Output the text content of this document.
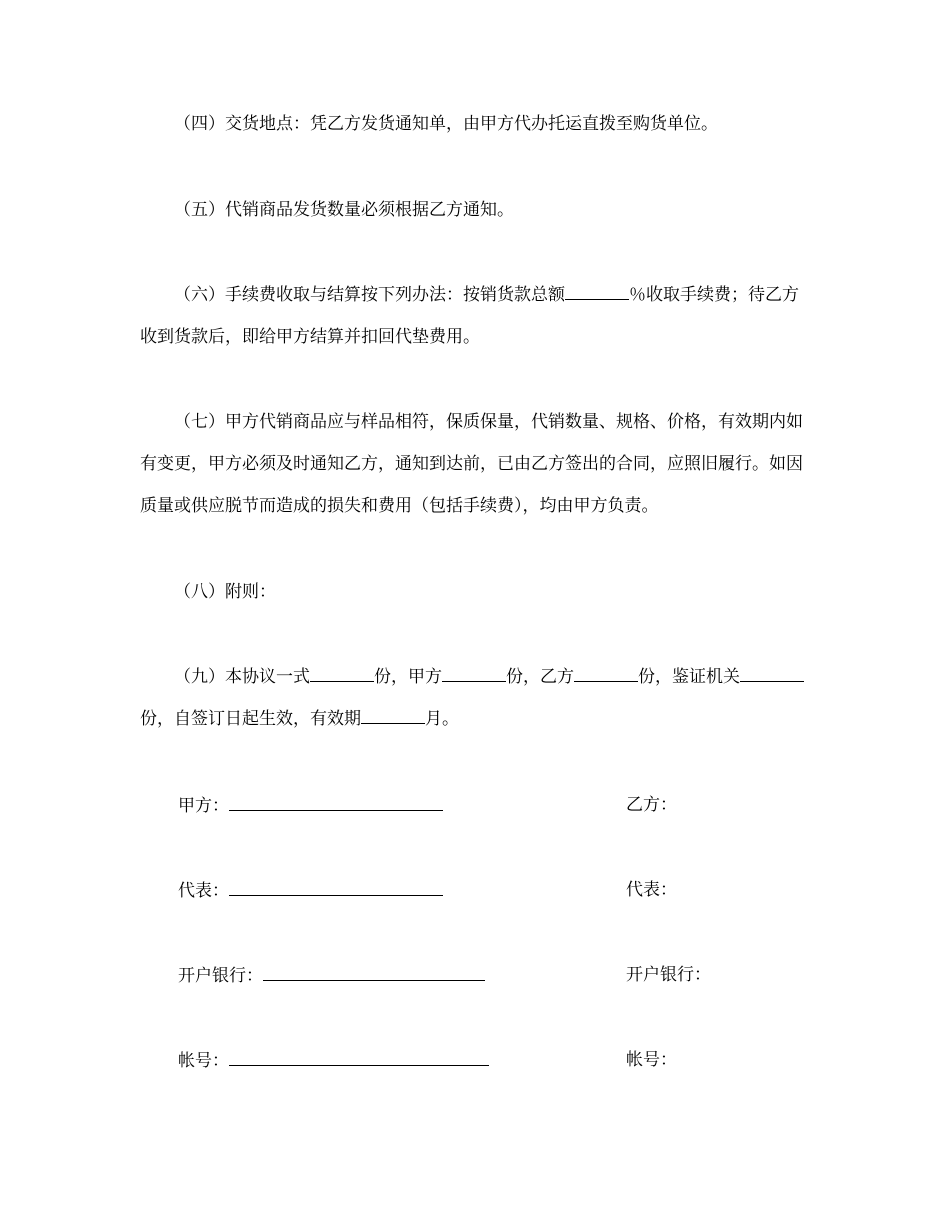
（四）交货地点：凭乙方发货通知单，由甲方代办托运直拨至购货单位。

（五）代销商品发货数量必须根据乙方通知。

（六）手续费收取与结算按下列办法：按销货款总额	％收取手续费；待乙方收到货款后，即给甲方结算并扣回代垫费用。

（七）甲方代销商品应与样品相符，保质保量，代销数量、规格、价格，有效期内如有变更，甲方必须及时通知乙方，通知到达前，已由乙方签出的合同，应照旧履行。如因质量或供应脱节而造成的损失和费用（包括手续费），均由甲方负责。

（八）附则：

（九）本协议一式	份，甲方	份，乙方	份，鉴证机关份，自签订日起生效，有效期	月。

甲方：	乙方：
代表：	代表：
开户银行：	开户银行：
帐号：	帐号：
